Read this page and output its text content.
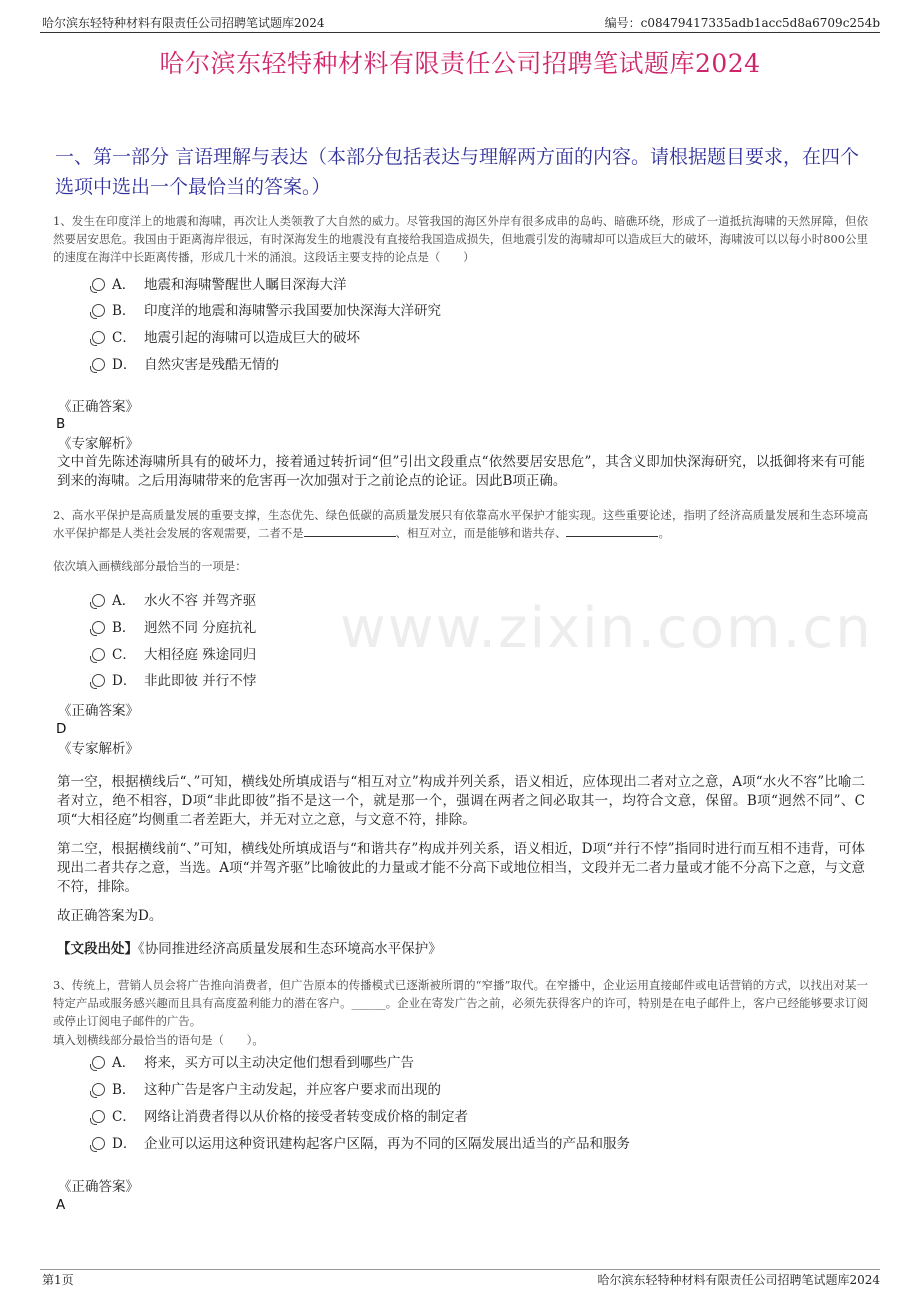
哈尔滨东轻特种材料有限责任公司招聘笔试题库2024	编号：c08479417335adb1acc5d8a6709c254b
哈尔滨东轻特种材料有限责任公司招聘笔试题库2024
一、第一部分 言语理解与表达（本部分包括表达与理解两方面的内容。请根据题目要求，在四个选项中选出一个最恰当的答案。）
1、发生在印度洋上的地震和海啸，再次让人类领教了大自然的威力。尽管我国的海区外岸有很多成串的岛屿、暗礁环绕，形成了一道抵抗海啸的天然屏障，但依然要居安思危。我国由于距离海岸很远，有时深海发生的地震没有直接给我国造成损失，但地震引发的海啸却可以造成巨大的破坏，海啸波可以以每小时800公里的速度在海洋中长距离传播，形成几十米的涌浪。这段话主要支持的论点是（　　）
A． 地震和海啸警醒世人瞩目深海大洋
B． 印度洋的地震和海啸警示我国要加快深海大洋研究
C． 地震引起的海啸可以造成巨大的破坏
D． 自然灾害是残酷无情的
《正确答案》
B
《专家解析》
文中首先陈述海啸所具有的破坏力，接着通过转折词“但”引出文段重点“依然要居安思危”，其含义即加快深海研究，以抵御将来有可能到来的海啸。之后用海啸带来的危害再一次加强对于之前论点的论证。因此B项正确。
2、高水平保护是高质量发展的重要支撑，生态优先、绿色低碳的高质量发展只有依靠高水平保护才能实现。这些重要论述，指明了经济高质量发展和生态环境高水平保护都是人类社会发展的客观需要，二者不是	、相互对立，而是能够和谐共存、	。
依次填入画横线部分最恰当的一项是：
A． 水火不容 并驾齐驱
B． 迥然不同 分庭抗礼
C． 大相径庭 殊途同归
D． 非此即彼 并行不悖
《正确答案》
D
《专家解析》
第一空，根据横线后“、”可知，横线处所填成语与“相互对立”构成并列关系，语义相近，应体现出二者对立之意，A项“水火不容”比喻二者对立，绝不相容，D项“非此即彼”指不是这一个，就是那一个，强调在两者之间必取其一，均符合文意，保留。B项“迥然不同”、C项“大相径庭”均侧重二者差距大，并无对立之意，与文意不符，排除。
第二空，根据横线前“、”可知，横线处所填成语与“和谐共存”构成并列关系，语义相近，D项“并行不悖”指同时进行而互相不违背，可体现出二者共存之意，当选。A项“并驾齐驱”比喻彼此的力量或才能不分高下或地位相当，文段并无二者力量或才能不分高下之意，与文意不符，排除。
故正确答案为D。
【文段出处】《协同推进经济高质量发展和生态环境高水平保护》
3、传统上，营销人员会将广告推向消费者，但广告原本的传播模式已逐渐被所谓的“窄播”取代。在窄播中，企业运用直接邮件或电话营销的方式，以找出对某一特定产品或服务感兴趣而且具有高度盈利能力的潜在客户。______。企业在寄发广告之前，必须先获得客户的许可，特别是在电子邮件上，客户已经能够要求订阅或停止订阅电子邮件的广告。
填入划横线部分最恰当的语句是（　　）。
A． 将来，买方可以主动决定他们想看到哪些广告
B． 这种广告是客户主动发起，并应客户要求而出现的
C． 网络让消费者得以从价格的接受者转变成价格的制定者
D． 企业可以运用这种资讯建构起客户区隔，再为不同的区隔发展出适当的产品和服务
《正确答案》
A
www.zixin.com.cn
第1页	哈尔滨东轻特种材料有限责任公司招聘笔试题库2024
